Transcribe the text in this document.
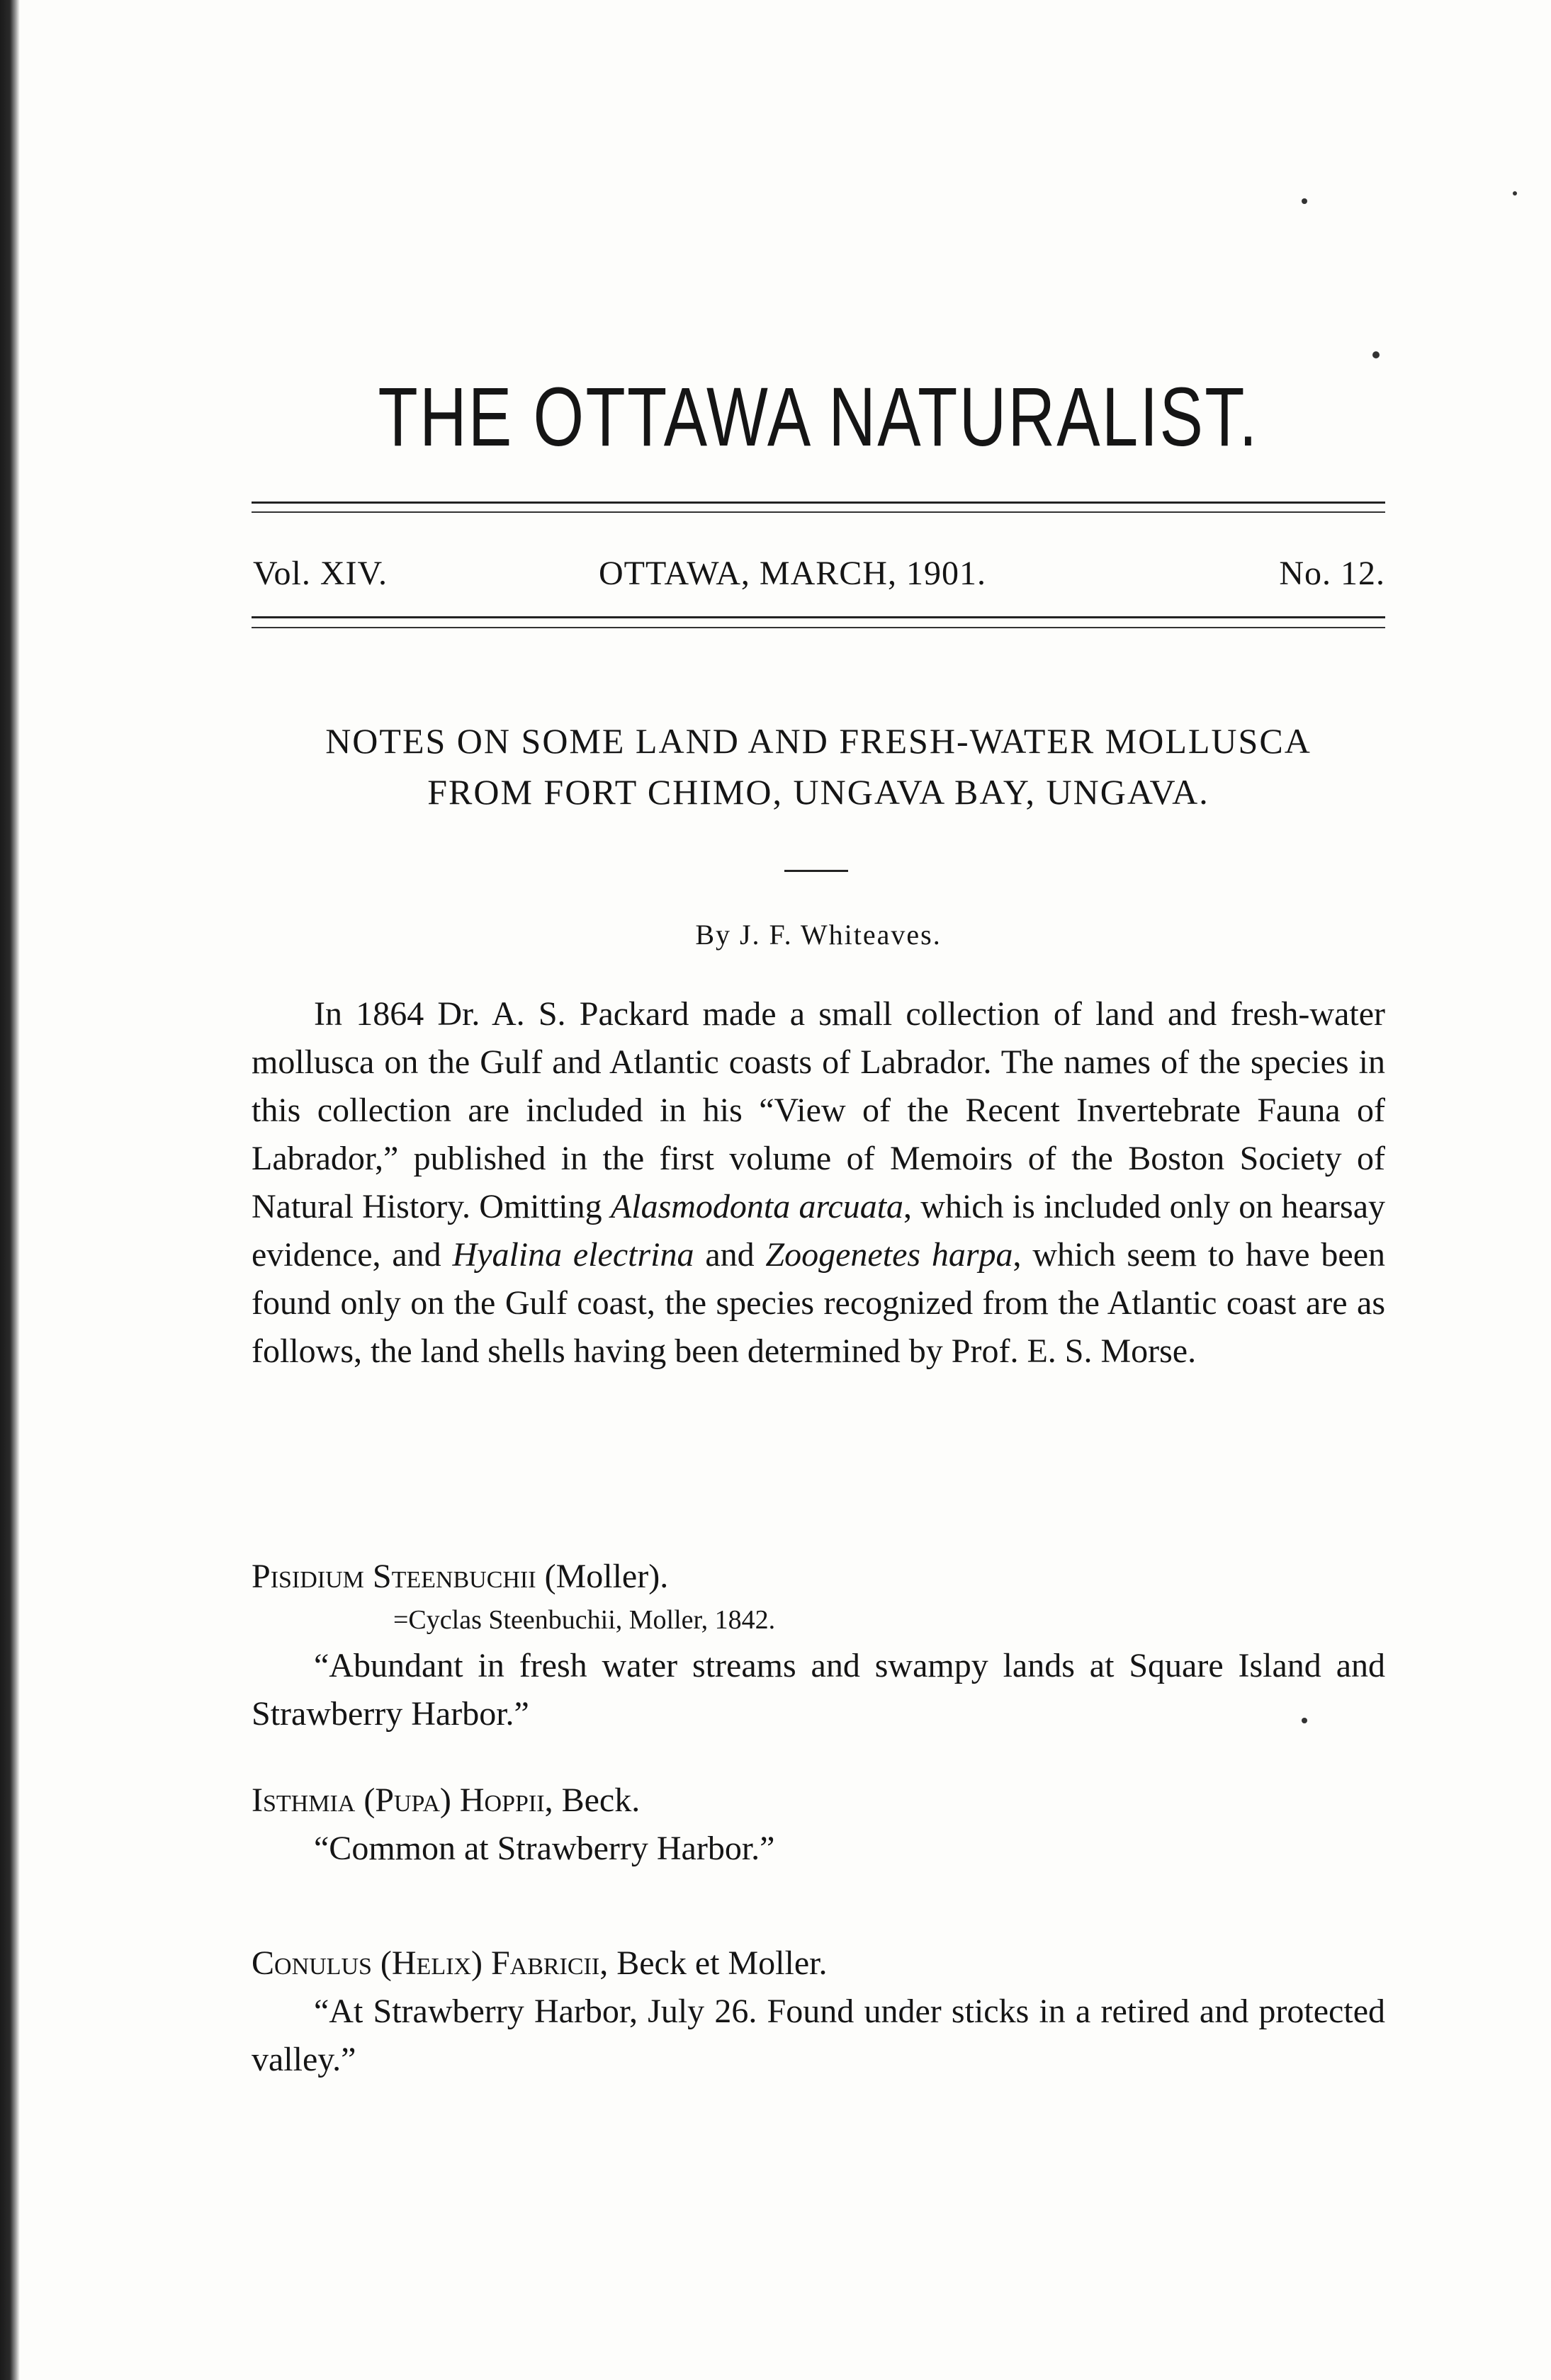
THE OTTAWA NATURALIST.
Vol. XIV.	OTTAWA, MARCH, 1901.	No. 12.
NOTES ON SOME LAND AND FRESH-WATER MOLLUSCA
FROM FORT CHIMO, UNGAVA BAY, UNGAVA.
By J. F. Whiteaves.

In 1864 Dr. A. S. Packard made a small collection of land and fresh-water mollusca on the Gulf and Atlantic coasts of Labrador. The names of the species in this collection are included in his “View of the Recent Invertebrate Fauna of Labrador,” published in the first volume of Memoirs of the Boston Society of Natural History. Omitting Alasmodonta arcuata, which is included only on hearsay evidence, and Hyalina electrina and Zoogenetes harpa, which seem to have been found only on the Gulf coast, the species recognized from the Atlantic coast are as follows, the land shells having been determined by Prof. E. S. Morse.

Pisidium Steenbuchii (Moller).
=Cyclas Steenbuchii, Moller, 1842.

“Abundant in fresh water streams and swampy lands at Square Island and Strawberry Harbor.”

Isthmia (Pupa) Hoppii, Beck.

“Common at Strawberry Harbor.”

Conulus (Helix) Fabricii, Beck et Moller.

“At Strawberry Harbor, July 26. Found under sticks in a retired and protected valley.”
